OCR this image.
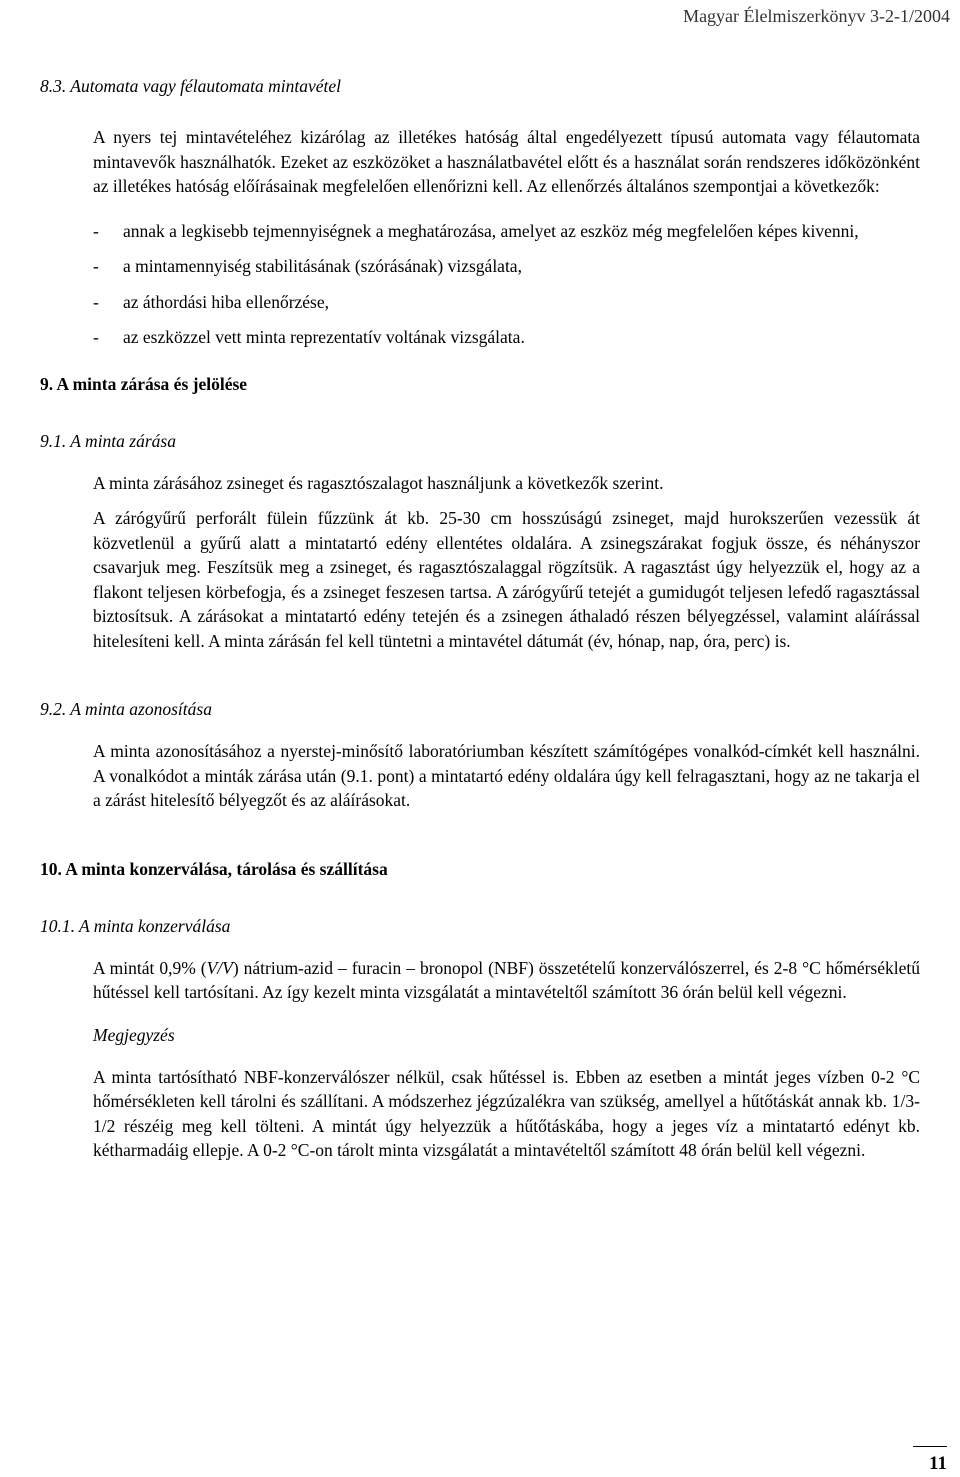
Magyar Élelmiszerkönyv 3-2-1/2004

8.3. Automata vagy félautomata mintavétel

A nyers tej mintavételéhez kizárólag az illetékes hatóság által engedélyezett típusú automata vagy félautomata mintavevők használhatók. Ezeket az eszközöket a használatbavétel előtt és a használat során rendszeres időközönként az illetékes hatóság előírásainak megfelelően ellenőrizni kell. Az ellenőrzés általános szempontjai a következők:

- annak a legkisebb tejmennyiségnek a meghatározása, amelyet az eszköz még megfelelően képes kivenni,
- a mintamennyiség stabilitásának (szórásának) vizsgálata,
- az áthordási hiba ellenőrzése,
- az eszközzel vett minta reprezentatív voltának vizsgálata.

9. A minta zárása és jelölése

9.1. A minta zárása

A minta zárásához zsineget és ragasztószalagot használjunk a következők szerint.

A zárógyűrű perforált fülein fűzzünk át kb. 25-30 cm hosszúságú zsineget, majd hurokszerűen vezessük át közvetlenül a gyűrű alatt a mintatartó edény ellentétes oldalára. A zsinegszárakat fogjuk össze, és néhányszor csavarjuk meg. Feszítsük meg a zsineget, és ragasztószalaggal rögzítsük. A ragasztást úgy helyezzük el, hogy az a flakont teljesen körbefogja, és a zsineget feszesen tartsa. A zárógyűrű tetejét a gumidugót teljesen lefedő ragasztással biztosítsuk. A zárásokat a mintatartó edény tetején és a zsinegen áthaladó részen bélyegzéssel, valamint aláírással hitelesíteni kell. A minta zárásán fel kell tüntetni a mintavétel dátumát (év, hónap, nap, óra, perc) is.

9.2. A minta azonosítása

A minta azonosításához a nyerstej-minősítő laboratóriumban készített számítógépes vonalkód-címkét kell használni. A vonalkódot a minták zárása után (9.1. pont) a mintatartó edény oldalára úgy kell felragasztani, hogy az ne takarja el a zárást hitelesítő bélyegzőt és az aláírásokat.

10. A minta konzerválása, tárolása és szállítása

10.1. A minta konzerválása

A mintát 0,9% (V/V) nátrium-azid – furacin – bronopol (NBF) összetételű konzerválószerrel, és 2-8 °C hőmérsékletű hűtéssel kell tartósítani. Az így kezelt minta vizsgálatát a mintavételtől számított 36 órán belül kell végezni.

Megjegyzés

A minta tartósítható NBF-konzerválószer nélkül, csak hűtéssel is. Ebben az esetben a mintát jeges vízben 0-2 °C hőmérsékleten kell tárolni és szállítani. A módszerhez jégzúzalékra van szükség, amellyel a hűtőtáskát annak kb. 1/3-1/2 részéig meg kell tölteni. A mintát úgy helyezzük a hűtőtáskába, hogy a jeges víz a mintatartó edényt kb. kétharmadáig ellepje. A 0-2 °C-on tárolt minta vizsgálatát a mintavételtől számított 48 órán belül kell végezni.

11
